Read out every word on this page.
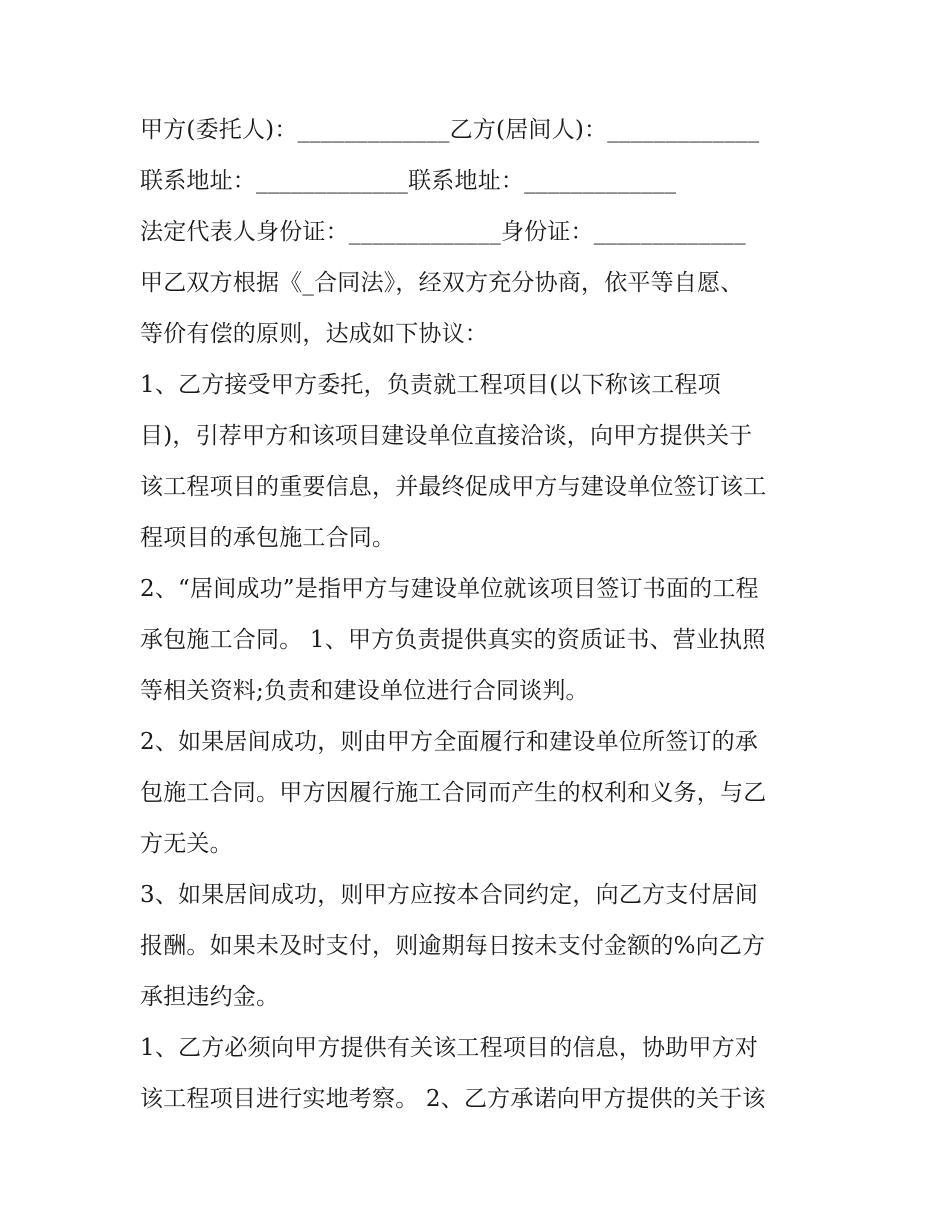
甲方(委托人)：_____________乙方(居间人)：_____________
联系地址：_____________联系地址：_____________
法定代表人身份证：_____________身份证：_____________
甲乙双方根据《_合同法》，经双方充分协商，依平等自愿、
等价有偿的原则，达成如下协议：
1、乙方接受甲方委托，负责就工程项目(以下称该工程项
目)，引荐甲方和该项目建设单位直接洽谈，向甲方提供关于
该工程项目的重要信息，并最终促成甲方与建设单位签订该工
程项目的承包施工合同。
2、“居间成功”是指甲方与建设单位就该项目签订书面的工程
承包施工合同。 1、甲方负责提供真实的资质证书、营业执照
等相关资料;负责和建设单位进行合同谈判。
2、如果居间成功，则由甲方全面履行和建设单位所签订的承
包施工合同。甲方因履行施工合同而产生的权利和义务，与乙
方无关。
3、如果居间成功，则甲方应按本合同约定，向乙方支付居间
报酬。如果未及时支付，则逾期每日按未支付金额的%向乙方
承担违约金。
1、乙方必须向甲方提供有关该工程项目的信息，协助甲方对
该工程项目进行实地考察。 2、乙方承诺向甲方提供的关于该
